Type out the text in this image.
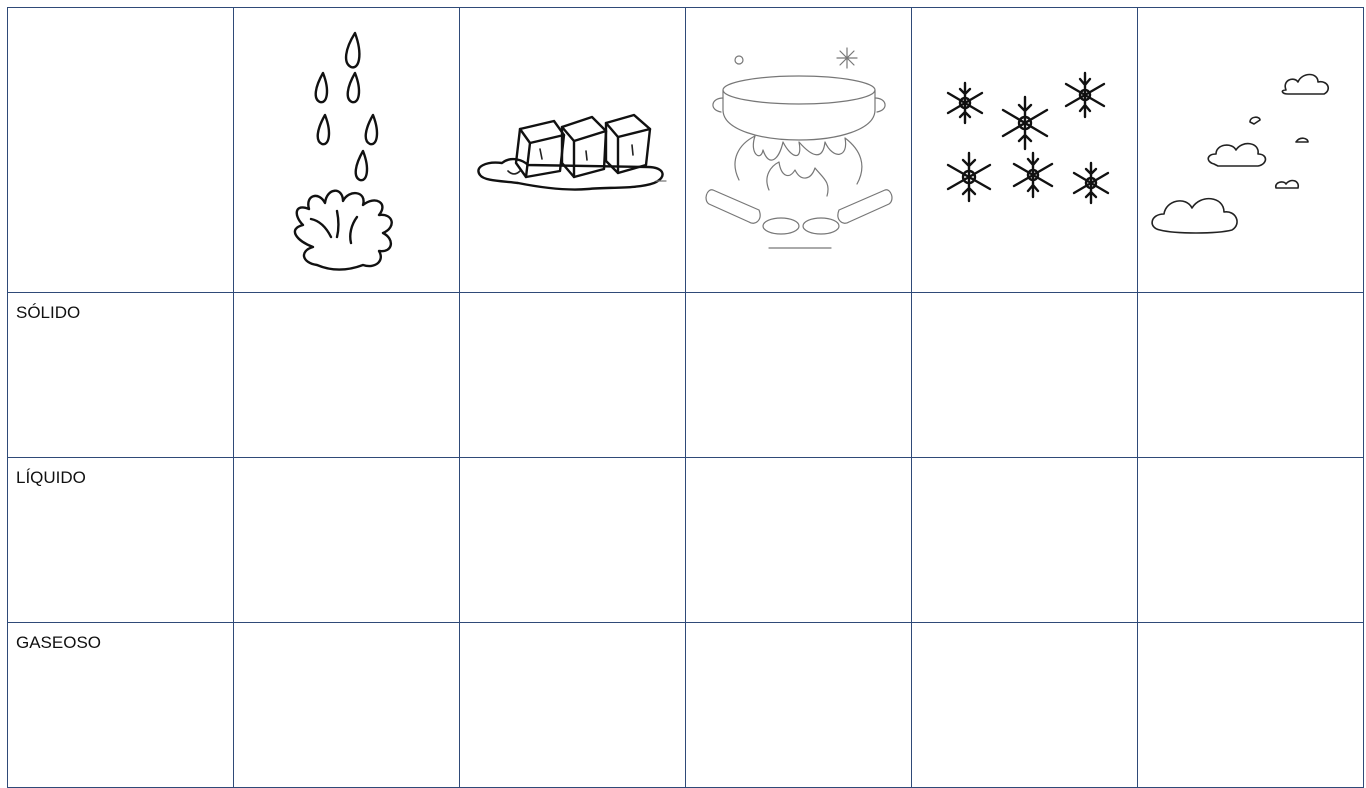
SÓLIDO					

LÍQUIDO					

GASEOSO					
